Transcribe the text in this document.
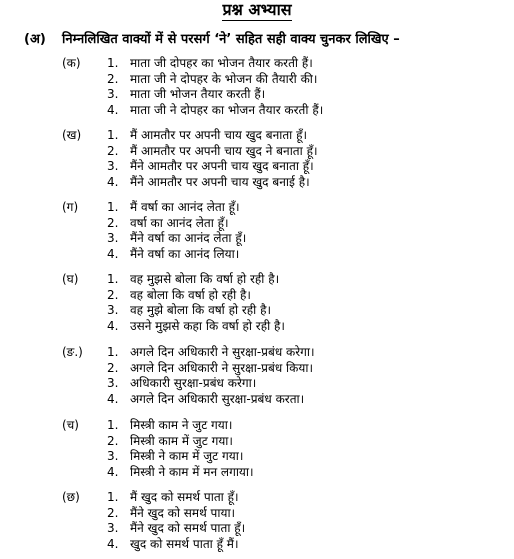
प्रश्न अभ्यास
(अ) निम्नलिखित वाक्यों में से परसर्ग ‘ने’ सहित सही वाक्य चुनकर लिखिए –
(क) 1. माता जी दोपहर का भोजन तैयार करती हैं।
2. माता जी ने दोपहर के भोजन की तैयारी की।
3. माता जी भोजन तैयार करती हैं।
4. माता जी ने दोपहर का भोजन तैयार करती हैं।
(ख) 1. मैं आमतौर पर अपनी चाय खुद बनाता हूँ।
2. मैं आमतौर पर अपनी चाय खुद ने बनाता हूँ।
3. मैंने आमतौर पर अपनी चाय खुद बनाता हूँ।
4. मैंने आमतौर पर अपनी चाय खुद बनाई है।
(ग) 1. मैं वर्षा का आनंद लेता हूँ।
2. वर्षा का आनंद लेता हूँ।
3. मैंने वर्षा का आनंद लेता हूँ।
4. मैंने वर्षा का आनंद लिया।
(घ) 1. वह मुझसे बोला कि वर्षा हो रही है।
2. वह बोला कि वर्षा हो रही है।
3. वह मुझे बोला कि वर्षा हो रही है।
4. उसने मुझसे कहा कि वर्षा हो रही है।
(ङ.) 1. अगले दिन अधिकारी ने सुरक्षा-प्रबंध करेगा।
2. अगले दिन अधिकारी ने सुरक्षा-प्रबंध किया।
3. अधिकारी सुरक्षा-प्रबंध करेगा।
4. अगले दिन अधिकारी सुरक्षा-प्रबंध करता।
(च) 1. मिस्त्री काम ने जुट गया।
2. मिस्त्री काम में जुट गया।
3. मिस्त्री ने काम में जुट गया।
4. मिस्त्री ने काम में मन लगाया।
(छ) 1. मैं खुद को समर्थ पाता हूँ।
2. मैंने खुद को समर्थ पाया।
3. मैंने खुद को समर्थ पाता हूँ।
4. खुद को समर्थ पाता हूँ मैं।
